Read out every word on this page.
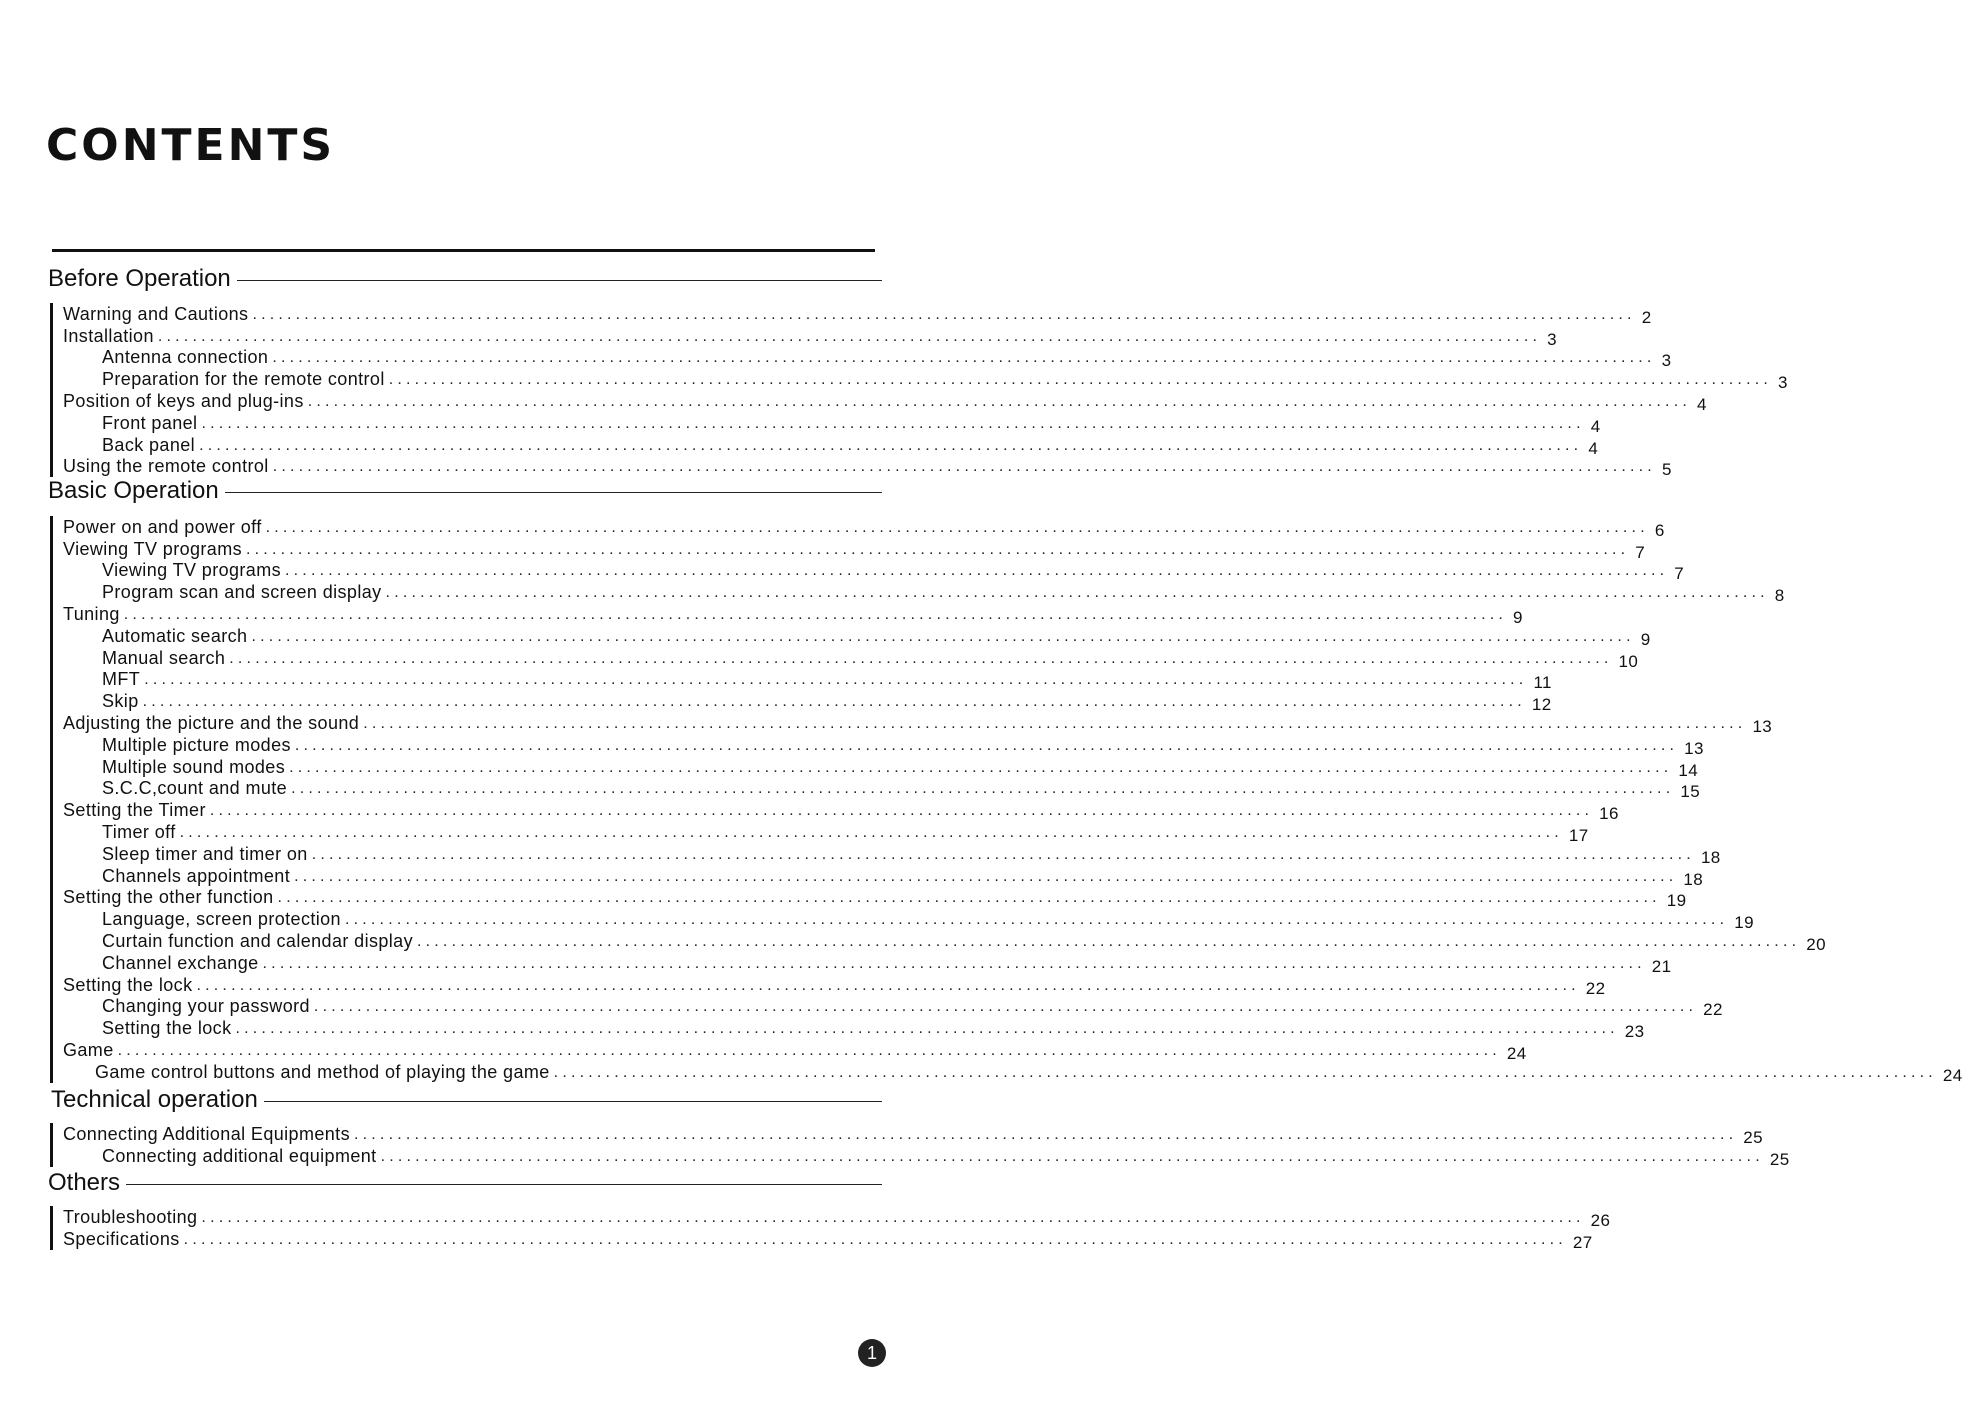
CONTENTS
Before Operation
Warning and Cautions ................................................................................................................................................................ 2
Installation ................................................................................................................................................................ 3
Antenna connection ................................................................................................................................................................ 3
Preparation for the remote control ................................................................................................................................................................ 3
Position of keys and plug-ins ................................................................................................................................................................ 4
Front panel ................................................................................................................................................................ 4
Back panel ................................................................................................................................................................ 4
Using the remote control ................................................................................................................................................................ 5
Basic Operation
Power on and power off ................................................................................................................................................................ 6
Viewing TV programs ................................................................................................................................................................ 7
Viewing TV programs ................................................................................................................................................................ 7
Program scan and screen display ................................................................................................................................................................ 8
Tuning ................................................................................................................................................................ 9
Automatic search ................................................................................................................................................................ 9
Manual search ................................................................................................................................................................ 10
MFT ................................................................................................................................................................ 11
Skip ................................................................................................................................................................ 12
Adjusting the picture and the sound ................................................................................................................................................................ 13
Multiple picture modes ................................................................................................................................................................ 13
Multiple sound modes ................................................................................................................................................................ 14
S.C.C,count and mute ................................................................................................................................................................ 15
Setting the Timer ................................................................................................................................................................ 16
Timer off ................................................................................................................................................................ 17
Sleep timer and timer on ................................................................................................................................................................ 18
Channels appointment ................................................................................................................................................................ 18
Setting the other function ................................................................................................................................................................ 19
Language, screen protection ................................................................................................................................................................ 19
Curtain function and calendar display ................................................................................................................................................................ 20
Channel exchange ................................................................................................................................................................ 21
Setting the lock ................................................................................................................................................................ 22
Changing your password ................................................................................................................................................................ 22
Setting the lock ................................................................................................................................................................ 23
Game ................................................................................................................................................................ 24
Game control buttons and method of playing the game ................................................................................................................................................................ 24
Technical operation
Connecting Additional Equipments ................................................................................................................................................................ 25
Connecting additional equipment ................................................................................................................................................................ 25
Others
Troubleshooting ................................................................................................................................................................ 26
Specifications ................................................................................................................................................................ 27
1
